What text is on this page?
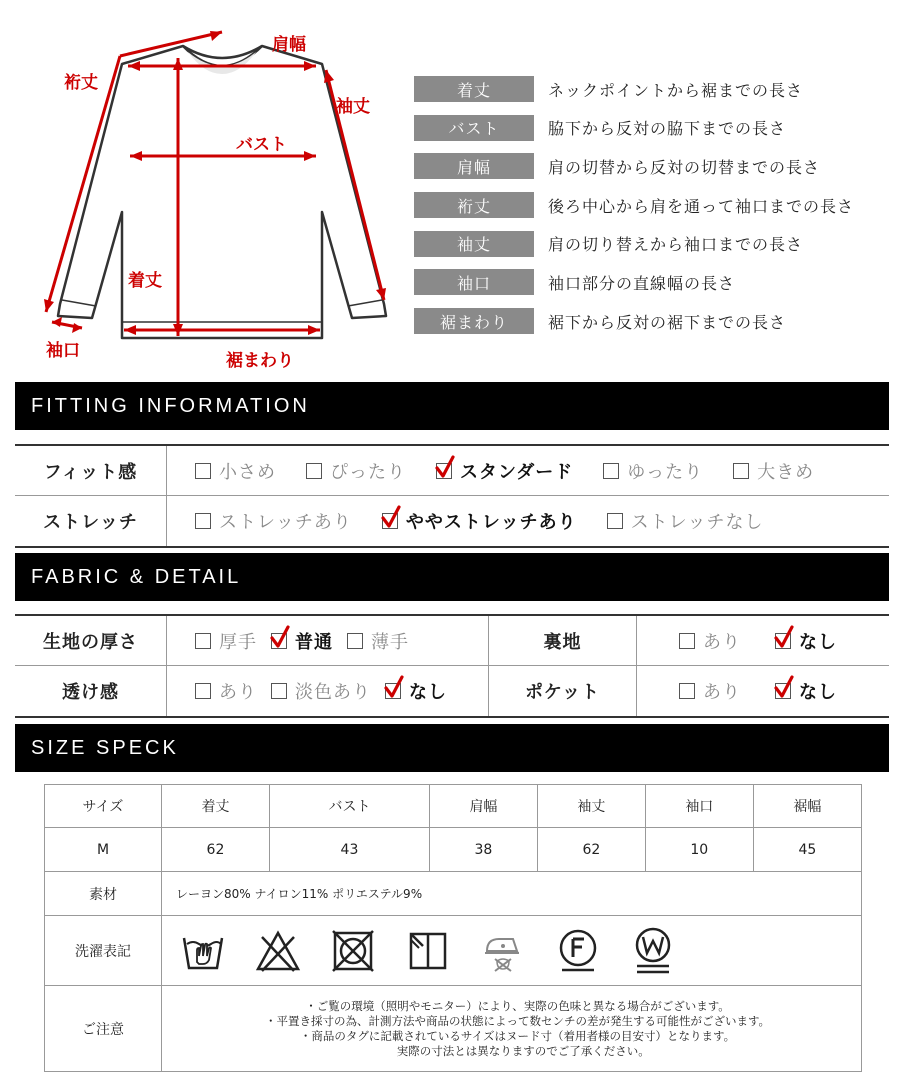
裄丈
肩幅
袖丈
バスト
着丈
袖口	裾まわり
着丈	ネックポイントから裾までの長さ
バスト	脇下から反対の脇下までの長さ
肩幅	肩の切替から反対の切替までの長さ
裄丈	後ろ中心から肩を通って袖口までの長さ
袖丈	肩の切り替えから袖口までの長さ
袖口	袖口部分の直線幅の長さ
裾まわり	裾下から反対の裾下までの長さ
FITTING INFORMATION
フィット感	小さめ	ぴったり	スタンダード	ゆったり	大きめ
ストレッチ	ストレッチあり	ややストレッチあり	ストレッチなし
FABRIC & DETAIL
生地の厚さ	厚手 普通 薄手	裏地	あり	なし
透け感	あり 淡色あり なし	ポケット	あり	なし
SIZE SPECK
サイズ	着丈	バスト	肩幅	袖丈	袖口	裾幅
M	62	43	38	62	10	45
素材	レーヨン80% ナイロン11% ポリエステル9%					
洗濯表記	

ご注意	・ご覧の環境（照明やモニター）により、実際の色味と異なる場合がございます。
・平置き採寸の為、計測方法や商品の状態によって数センチの差が発生する可能性がございます。
・商品のタグに記載されているサイズはヌード寸（着用者様の目安寸）となります。
　実際の寸法とは異なりますのでご了承ください。					
